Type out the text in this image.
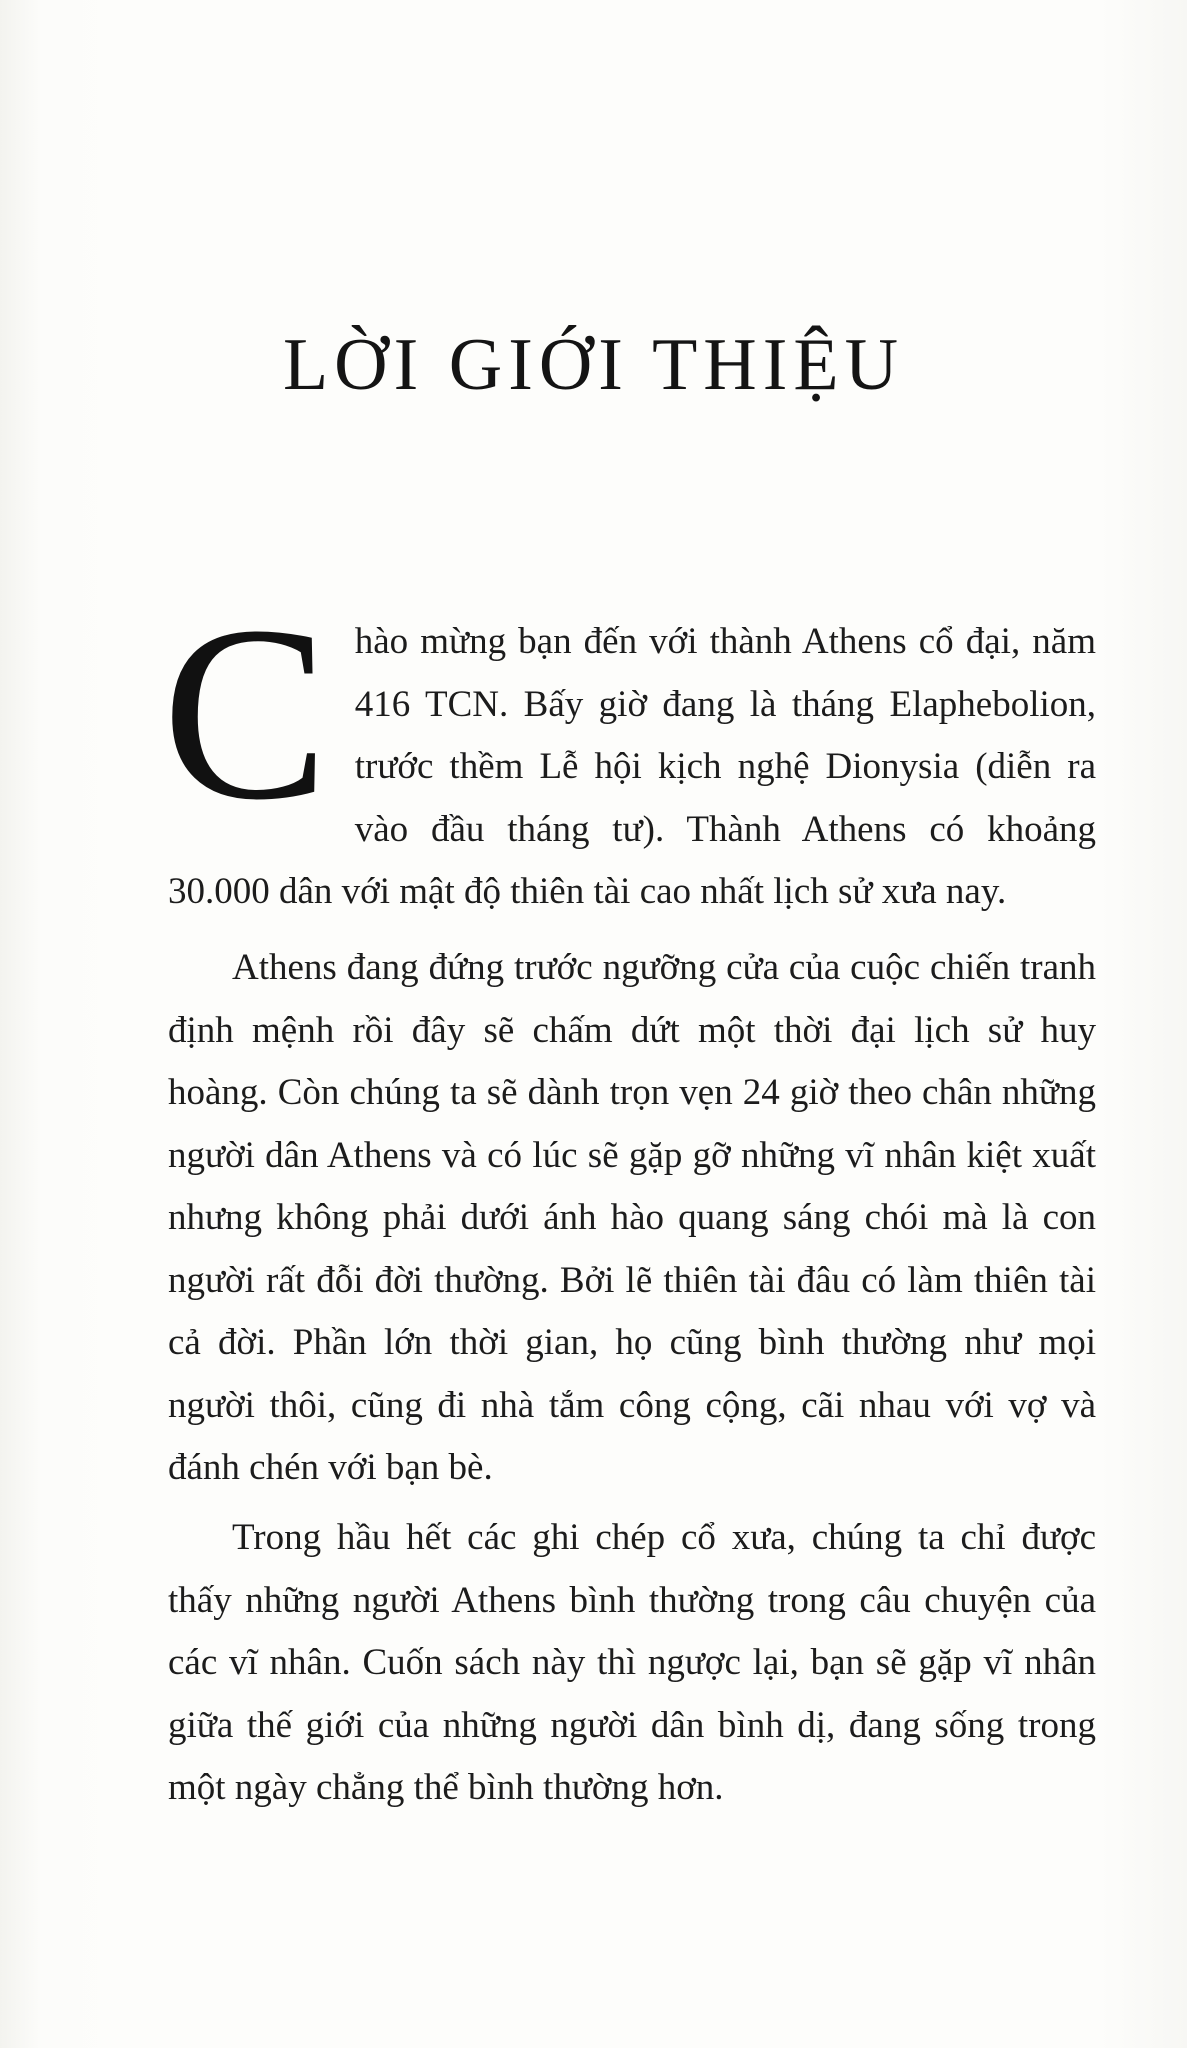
LỜI GIỚI THIỆU

Chào mừng bạn đến với thành Athens cổ đại, năm 416 TCN. Bấy giờ đang là tháng Elaphebolion, trước thềm Lễ hội kịch nghệ Dionysia (diễn ra vào đầu tháng tư). Thành Athens có khoảng 30.000 dân với mật độ thiên tài cao nhất lịch sử xưa nay.

Athens đang đứng trước ngưỡng cửa của cuộc chiến tranh định mệnh rồi đây sẽ chấm dứt một thời đại lịch sử huy hoàng. Còn chúng ta sẽ dành trọn vẹn 24 giờ theo chân những người dân Athens và có lúc sẽ gặp gỡ những vĩ nhân kiệt xuất nhưng không phải dưới ánh hào quang sáng chói mà là con người rất đỗi đời thường. Bởi lẽ thiên tài đâu có làm thiên tài cả đời. Phần lớn thời gian, họ cũng bình thường như mọi người thôi, cũng đi nhà tắm công cộng, cãi nhau với vợ và đánh chén với bạn bè.

Trong hầu hết các ghi chép cổ xưa, chúng ta chỉ được thấy những người Athens bình thường trong câu chuyện của các vĩ nhân. Cuốn sách này thì ngược lại, bạn sẽ gặp vĩ nhân giữa thế giới của những người dân bình dị, đang sống trong một ngày chẳng thể bình thường hơn.
